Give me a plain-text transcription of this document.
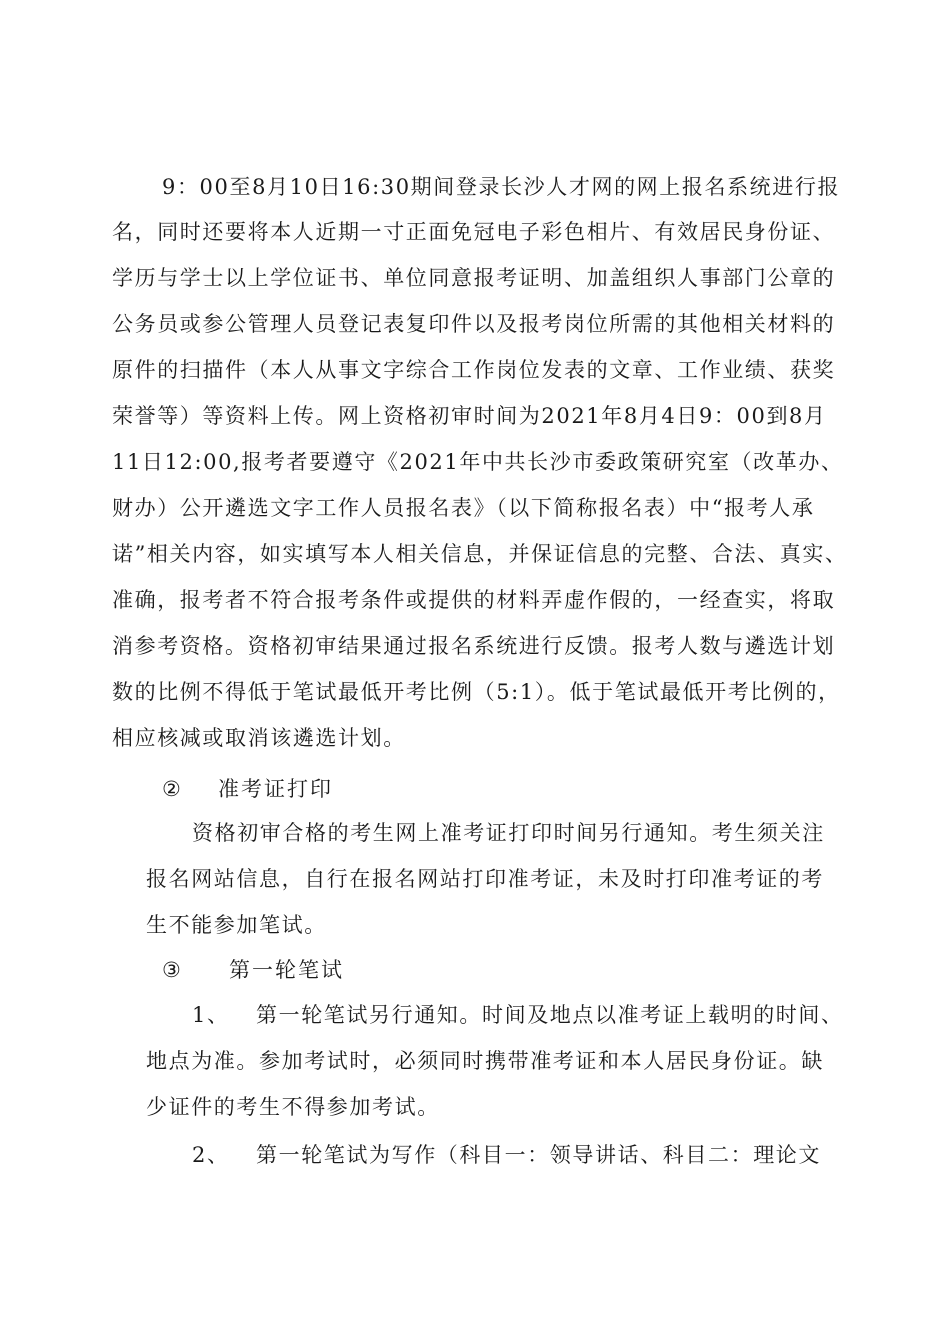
9：00至8月10日16:30期间登录长沙人才网的网上报名系统进行报
名，同时还要将本人近期一寸正面免冠电子彩色相片、有效居民身份证、
学历与学士以上学位证书、单位同意报考证明、加盖组织人事部门公章的
公务员或参公管理人员登记表复印件以及报考岗位所需的其他相关材料的
原件的扫描件（本人从事文字综合工作岗位发表的文章、工作业绩、获奖
荣誉等）等资料上传。网上资格初审时间为2021年8月4日9：00到8月
11日12:00,报考者要遵守《2021年中共长沙市委政策研究室（改革办、
财办）公开遴选文字工作人员报名表》（以下简称报名表）中“报考人承
诺”相关内容，如实填写本人相关信息，并保证信息的完整、合法、真实、
准确，报考者不符合报考条件或提供的材料弄虚作假的，一经查实，将取
消参考资格。资格初审结果通过报名系统进行反馈。报考人数与遴选计划
数的比例不得低于笔试最低开考比例（5:1）。低于笔试最低开考比例的，
相应核减或取消该遴选计划。
② 准考证打印
资格初审合格的考生网上准考证打印时间另行通知。考生须关注
报名网站信息，自行在报名网站打印准考证，未及时打印准考证的考
生不能参加笔试。
③ 第一轮笔试
1、 第一轮笔试另行通知。时间及地点以准考证上载明的时间、
地点为准。参加考试时，必须同时携带准考证和本人居民身份证。缺
少证件的考生不得参加考试。
2、 第一轮笔试为写作（科目一：领导讲话、科目二：理论文
